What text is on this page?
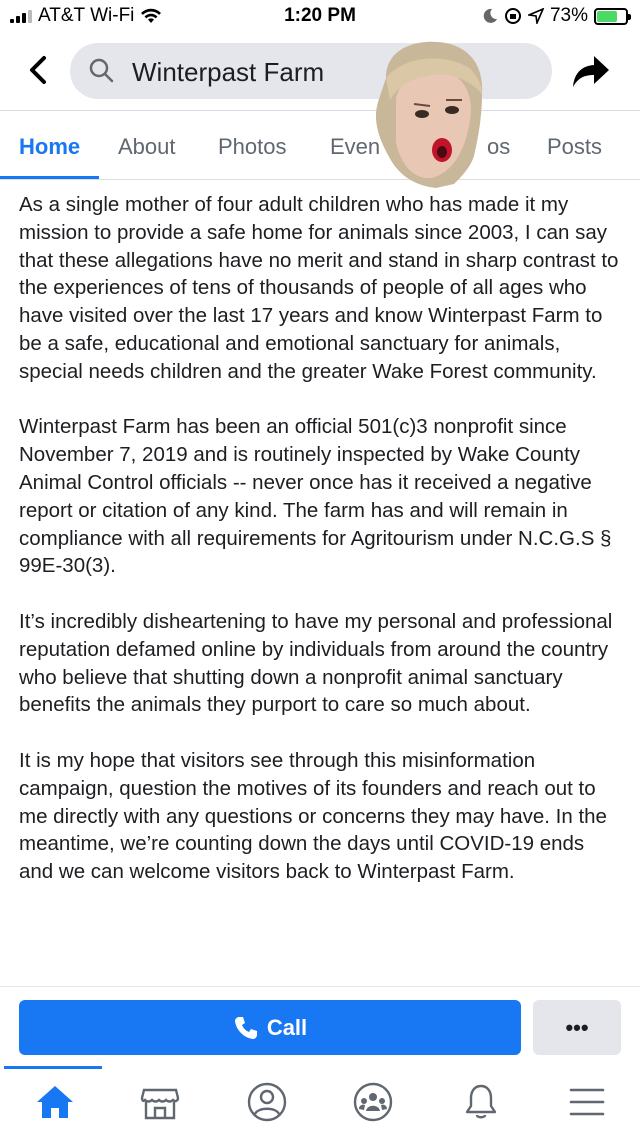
AT&T Wi-Fi	1:20 PM	73%
Winterpast Farm
Home About Photos Even	os Posts

As a single mother of four adult children who has made it my mission to provide a safe home for animals since 2003, I can say that these allegations have no merit and stand in sharp contrast to the experiences of tens of thousands of people of all ages who have visited over the last 17 years and know Winterpast Farm to be a safe, educational and emotional sanctuary for animals, special needs children and the greater Wake Forest community.

Winterpast Farm has been an official 501(c)3 nonprofit since November 7, 2019 and is routinely inspected by Wake County Animal Control officials -- never once has it received a negative report or citation of any kind. The farm has and will remain in compliance with all requirements for Agritourism under N.C.G.S § 99E-30(3).

It’s incredibly disheartening to have my personal and professional reputation defamed online by individuals from around the country who believe that shutting down a nonprofit animal sanctuary benefits the animals they purport to care so much about.

It is my hope that visitors see through this misinformation campaign, question the motives of its founders and reach out to me directly with any questions or concerns they may have. In the meantime, we’re counting down the days until COVID-19 ends and we can welcome visitors back to Winterpast Farm.

Call	•••
